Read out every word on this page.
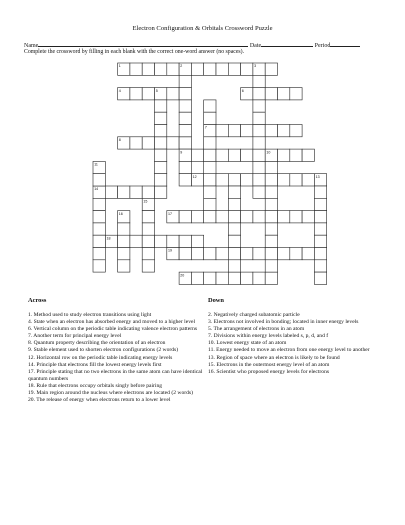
Electron Configuration & Orbitals Crossword Puzzle
Name	Date	Period
Complete the crossword by filling in each blank with the correct one-word answer (no spaces).
1	2	3
4	5	6
7
8
9	10
11
12	13
14
15
16	17
18
19
20
Across	Down
1. Method used to study electron transitions using light
4. State when an electron has absorbed energy and moved to a higher level
6. Vertical column on the periodic table indicating valence electron patterns
7. Another term for principal energy level
8. Quantum property describing the orientation of an electron
9. Stable element used to shorten electron configurations (2 words)
12. Horizontal row on the periodic table indicating energy levels
14. Principle that electrons fill the lowest energy levels first
17. Principle stating that no two electrons in the same atom can have identical quantum numbers
18. Rule that electrons occupy orbitals singly before pairing
19. Main region around the nucleus where electrons are located (2 words)
20. The release of energy when electrons return to a lower level
2. Negatively charged subatomic particle
3. Electrons not involved in bonding; located in inner energy levels
5. The arrangement of electrons in an atom
7. Divisions within energy levels labeled s, p, d, and f
10. Lowest energy state of an atom
11. Energy needed to move an electron from one energy level to another
13. Region of space where an electron is likely to be found
15. Electrons in the outermost energy level of an atom
16. Scientist who proposed energy levels for electrons
